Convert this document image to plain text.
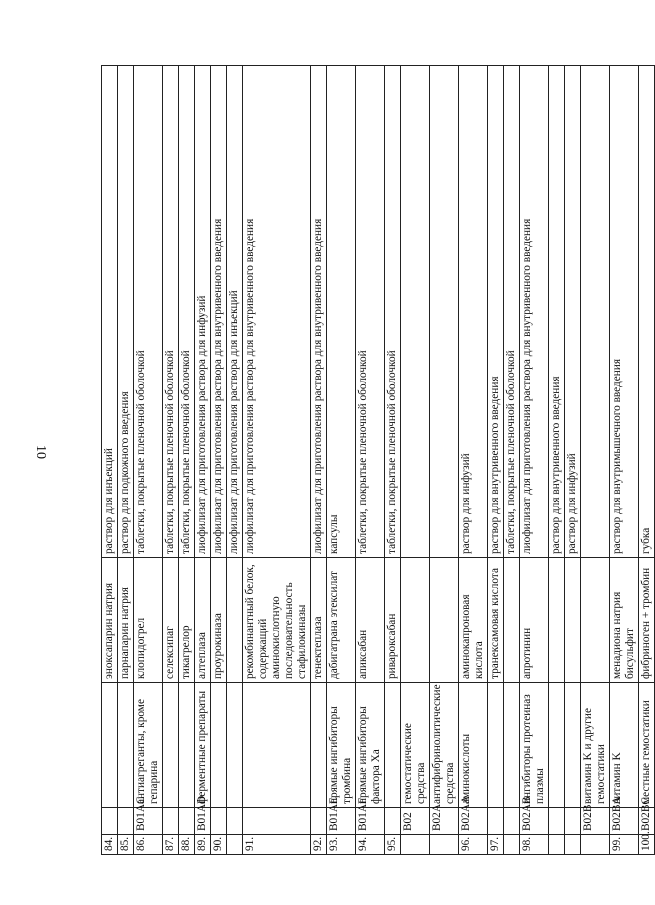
10
84.			эноксапарин натрия	раствор для инъекций
85.			парнапарин натрия	раствор для подкожного введения
86.	B01AC	антиагреганты, кроме гепарина	клопидогрел	таблетки, покрытые пленочной оболочкой
87.			селексипаг	таблетки, покрытые пленочной оболочкой
88.			тикагрелор	таблетки, покрытые пленочной оболочкой
89.	B01AD	ферментные препараты	алтеплаза	лиофилизат для приготовления раствора для инфузий
90.			проурокиназа	лиофилизат для приготовления раствора для внутривенного введения
				лиофилизат для приготовления раствора для инъекций
91.			рекомбинантный белок, содержащий аминокислотную последовательность стафилокиназы	лиофилизат для приготовления раствора для внутривенного введения
92.			тенектеплаза	лиофилизат для приготовления раствора для внутривенного введения
93.	B01AE	прямые ингибиторы тромбина	дабигатрана этексилат	капсулы
94.	B01AF	прямые ингибиторы фактора Xa	апиксабан	таблетки, покрытые пленочной оболочкой
95.			ривароксабан	таблетки, покрытые пленочной оболочкой
	B02	гемостатические средства		
	B02A	антифибринолитические средства		
96.	B02AA	аминокислоты	аминокапроновая кислота	раствор для инфузий
97.			транексамовая кислота	раствор для внутривенного введения
				таблетки, покрытые пленочной оболочкой
98.	B02AB	ингибиторы протеиназ плазмы	апротинин	лиофилизат для приготовления раствора для внутривенного введения
				раствор для внутривенного введения
				раствор для инфузий
	B02B	витамин K и другие гемостатики		
99.	B02BA	витамин K	менадиона натрия бисульфит	раствор для внутримышечного введения
100.	B02BC	местные гемостатики	фибриноген + тромбин	губка
